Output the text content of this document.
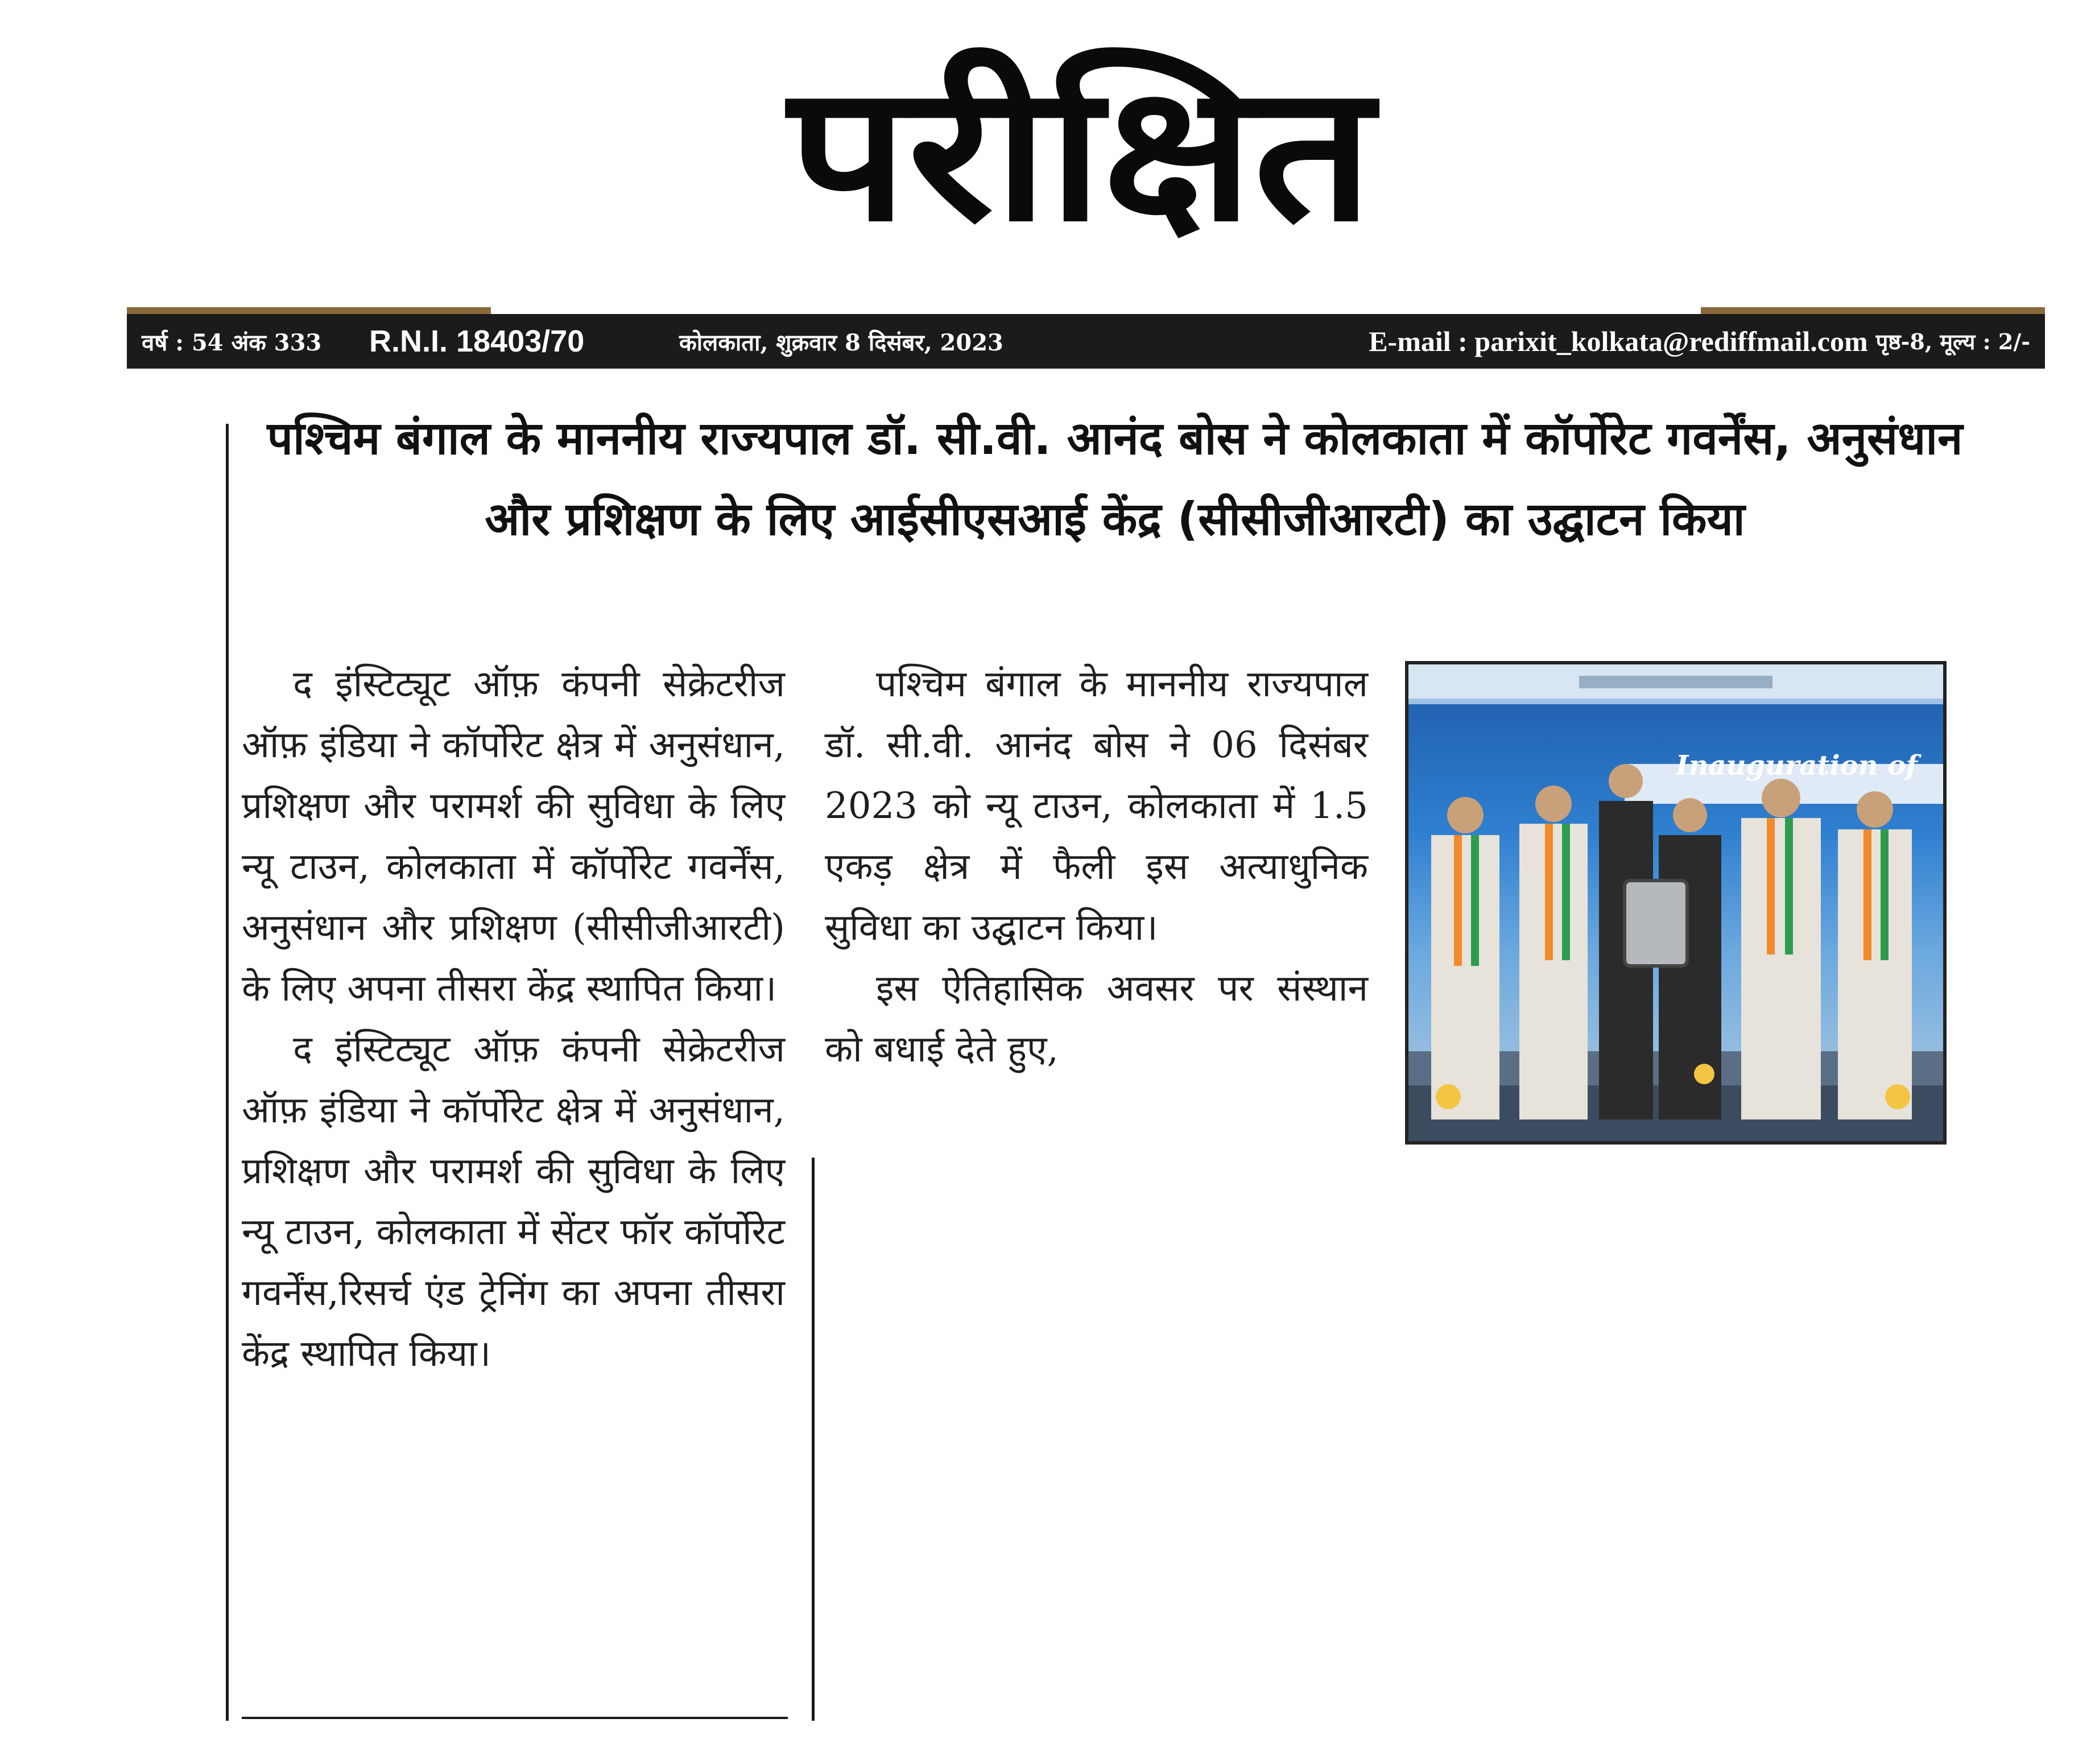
परीक्षित
वर्ष : 54 अंक 333	R.N.I. 18403/70	कोलकाता, शुक्रवार 8 दिसंबर, 2023	E-mail : parixit_kolkata@rediffmail.com पृष्ठ-8, मूल्य : 2/-
पश्चिम बंगाल के माननीय राज्यपाल डॉ. सी.वी. आनंद बोस ने कोलकाता में कॉर्पोरेट गवर्नेंस, अनुसंधान और प्रशिक्षण के लिए आईसीएसआई केंद्र (सीसीजीआरटी) का उद्घाटन किया

द इंस्टिट्यूट ऑफ़ कंपनी सेक्रेटरीज ऑफ़ इंडिया ने कॉर्पोरेट क्षेत्र में अनुसंधान, प्रशिक्षण और परामर्श की सुविधा के लिए न्यू टाउन, कोलकाता में कॉर्पोरेट गवर्नेंस, अनुसंधान और प्रशिक्षण (सीसीजीआरटी) के लिए अपना तीसरा केंद्र स्थापित किया।

द इंस्टिट्यूट ऑफ़ कंपनी सेक्रेटरीज ऑफ़ इंडिया ने कॉर्पोरेट क्षेत्र में अनुसंधान, प्रशिक्षण और परामर्श की सुविधा के लिए न्यू टाउन, कोलकाता में सेंटर फॉर कॉर्पोरेट गवर्नेंस,रिसर्च एंड ट्रेनिंग का अपना तीसरा केंद्र स्थापित किया।

पश्चिम बंगाल के माननीय राज्यपाल डॉ. सी.वी. आनंद बोस ने 06 दिसंबर 2023 को न्यू टाउन, कोलकाता में 1.5 एकड़ क्षेत्र में फैली इस अत्याधुनिक सुविधा का उद्घाटन किया।

इस ऐतिहासिक अवसर पर संस्थान को बधाई देते हुए,

Inauguration of
